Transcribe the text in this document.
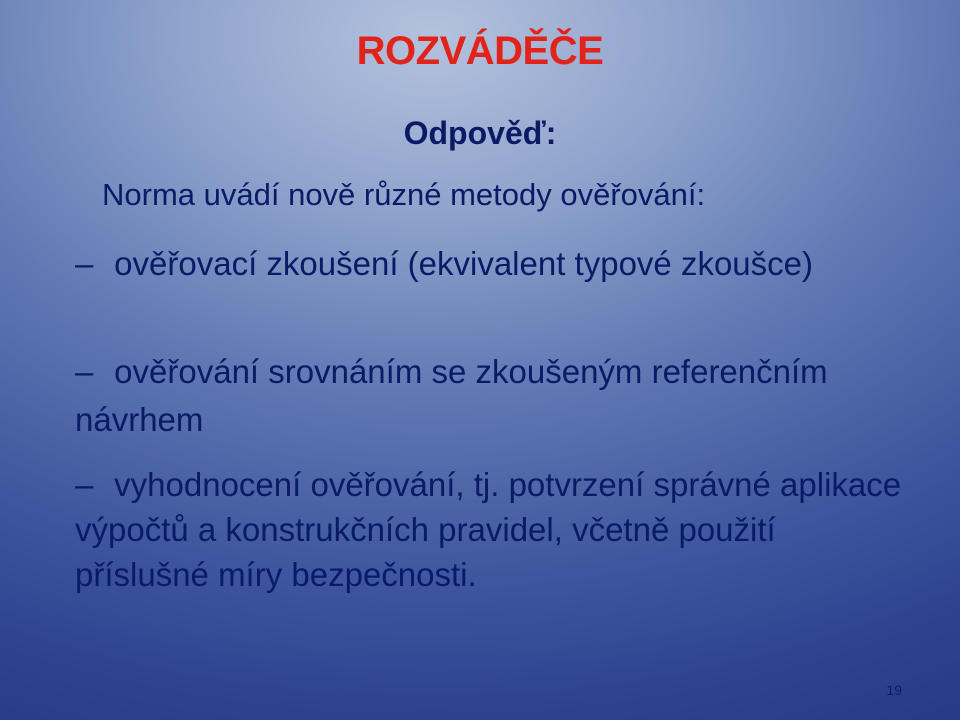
ROZVÁDĚČE

Odpověď:

Norma uvádí nově různé metody ověřování:

– ověřovací zkoušení (ekvivalent typové zkoušce)

– ověřování srovnáním se zkoušeným referenčním návrhem

– vyhodnocení ověřování, tj. potvrzení správné aplikace výpočtů a konstrukčních pravidel, včetně použití příslušné míry bezpečnosti.

19
